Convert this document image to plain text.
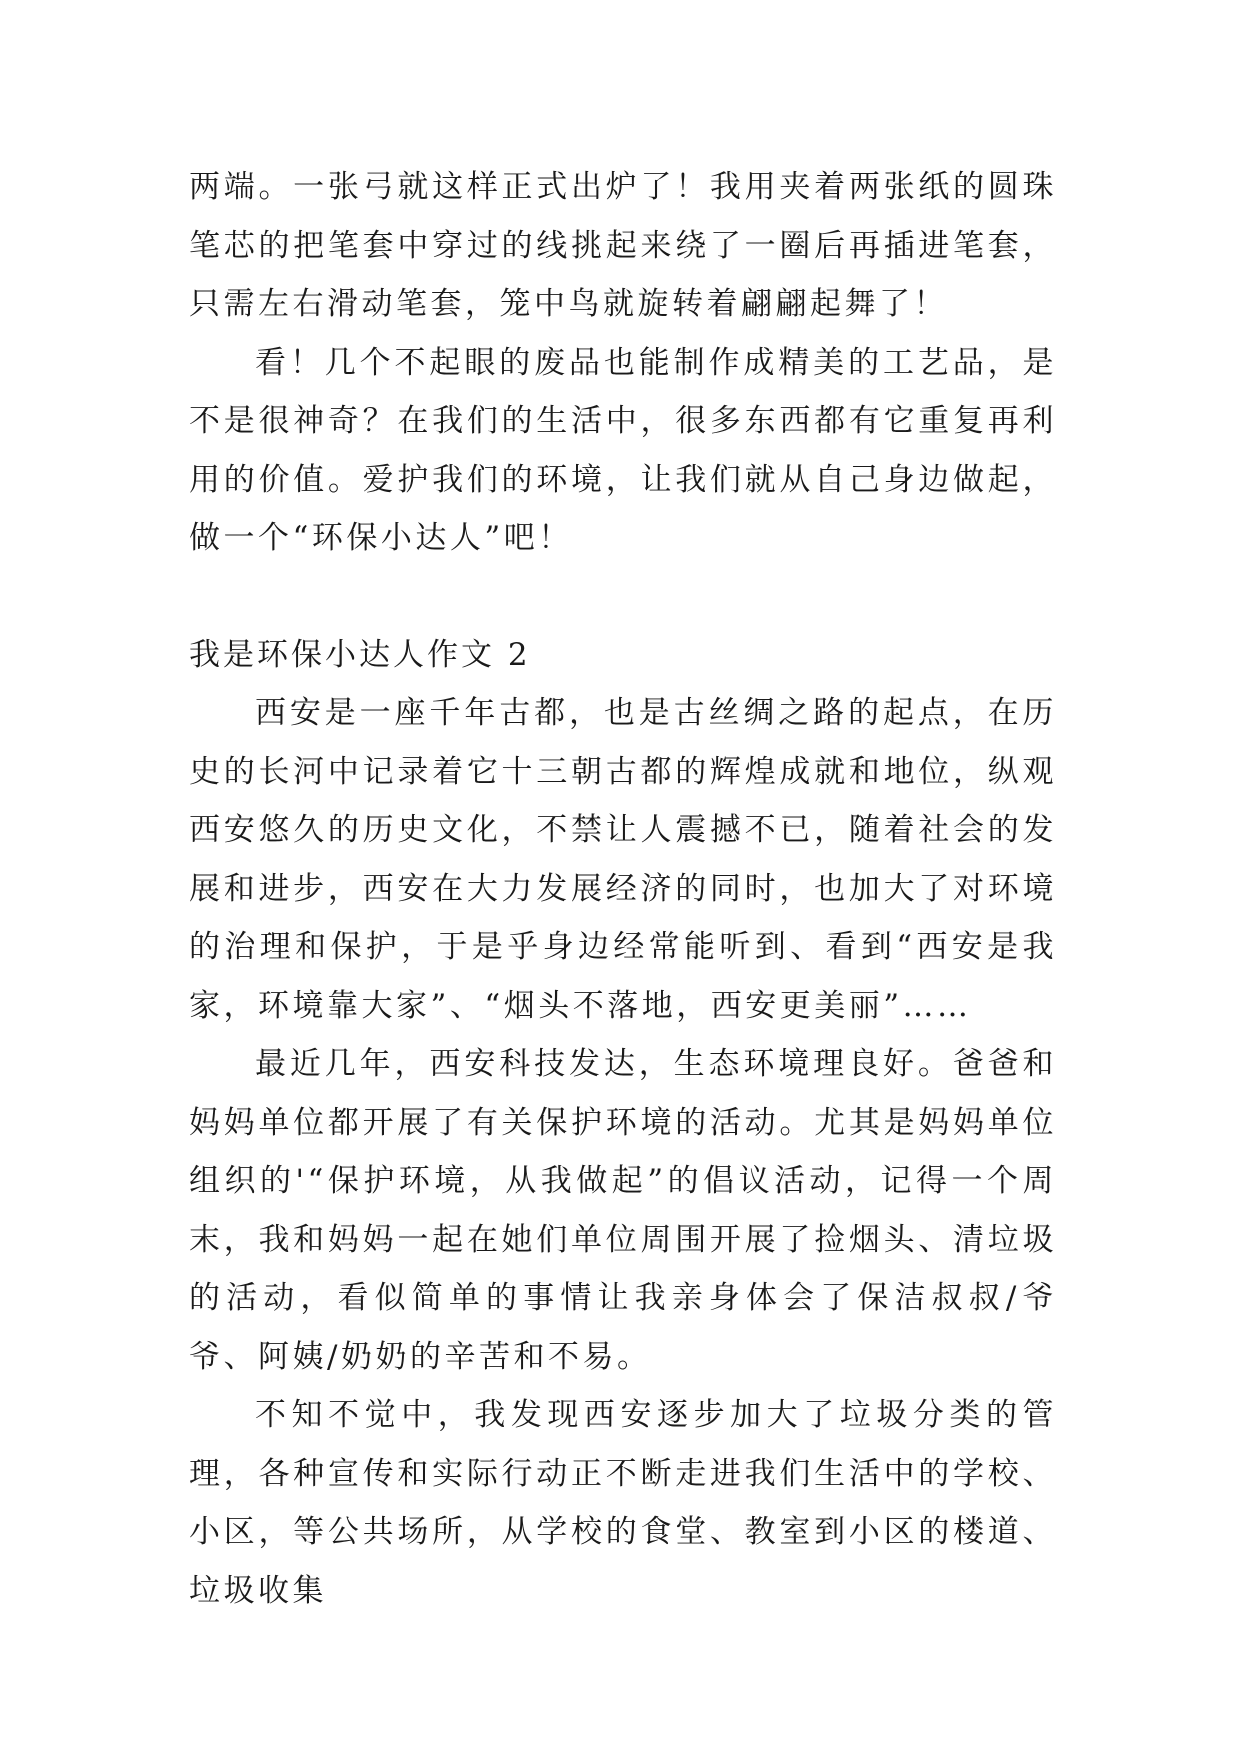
两端。一张弓就这样正式出炉了！我用夹着两张纸的圆珠笔芯的把笔套中穿过的线挑起来绕了一圈后再插进笔套，只需左右滑动笔套，笼中鸟就旋转着翩翩起舞了！

看！几个不起眼的废品也能制作成精美的工艺品，是不是很神奇？在我们的生活中，很多东西都有它重复再利用的价值。爱护我们的环境，让我们就从自己身边做起，做一个“环保小达人”吧！

我是环保小达人作文 2

西安是一座千年古都，也是古丝绸之路的起点，在历史的长河中记录着它十三朝古都的辉煌成就和地位，纵观西安悠久的历史文化，不禁让人震撼不已，随着社会的发展和进步，西安在大力发展经济的同时，也加大了对环境的治理和保护，于是乎身边经常能听到、看到“西安是我家，环境靠大家”、“烟头不落地，西安更美丽”……

最近几年，西安科技发达，生态环境理良好。爸爸和妈妈单位都开展了有关保护环境的活动。尤其是妈妈单位组织的'“保护环境，从我做起”的倡议活动，记得一个周末，我和妈妈一起在她们单位周围开展了捡烟头、清垃圾的活动，看似简单的事情让我亲身体会了保洁叔叔/爷爷、阿姨/奶奶的辛苦和不易。

不知不觉中，我发现西安逐步加大了垃圾分类的管理，各种宣传和实际行动正不断走进我们生活中的学校、小区，等公共场所，从学校的食堂、教室到小区的楼道、垃圾收集
